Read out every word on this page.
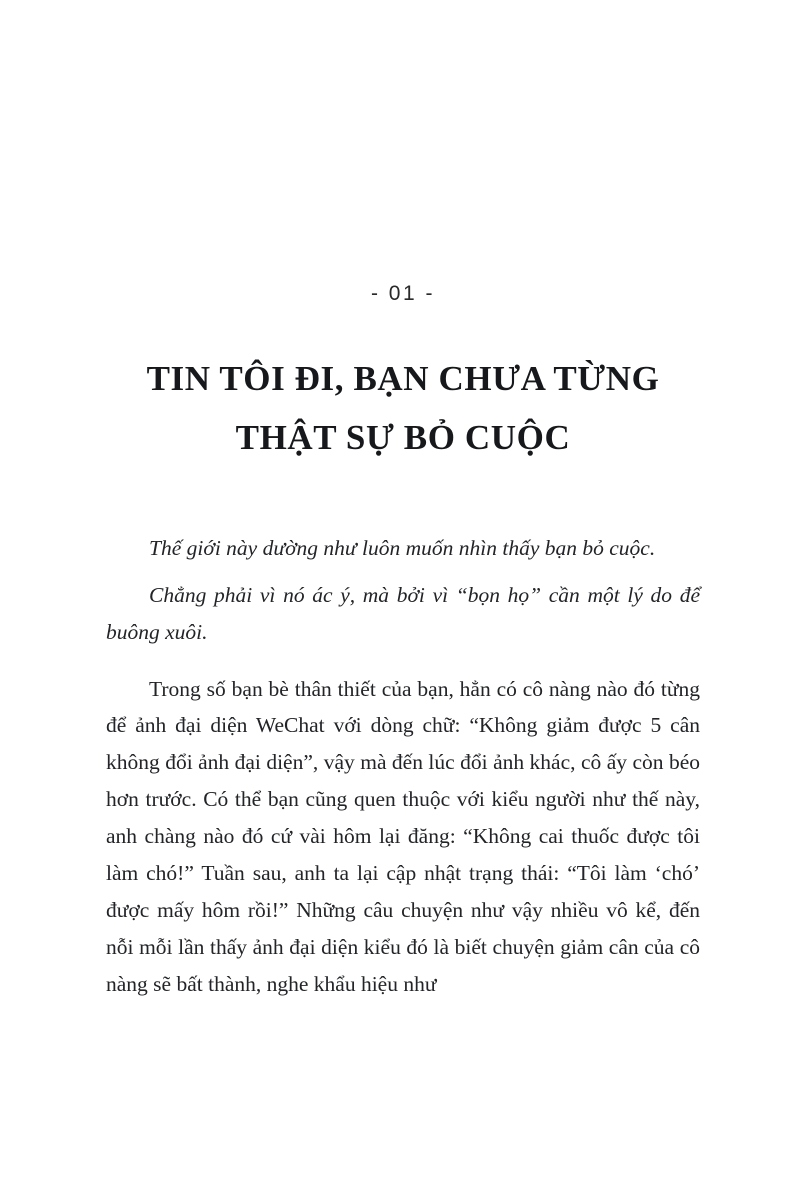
- 01 -
TIN TÔI ĐI, BẠN CHƯA TỪNG
THẬT SỰ BỎ CUỘC

Thế giới này dường như luôn muốn nhìn thấy bạn bỏ cuộc.

Chẳng phải vì nó ác ý, mà bởi vì “bọn họ” cần một lý do để buông xuôi.

Trong số bạn bè thân thiết của bạn, hẳn có cô nàng nào đó từng để ảnh đại diện WeChat với dòng chữ: “Không giảm được 5 cân không đổi ảnh đại diện”, vậy mà đến lúc đổi ảnh khác, cô ấy còn béo hơn trước. Có thể bạn cũng quen thuộc với kiểu người như thế này, anh chàng nào đó cứ vài hôm lại đăng: “Không cai thuốc được tôi làm chó!” Tuần sau, anh ta lại cập nhật trạng thái: “Tôi làm ‘chó’ được mấy hôm rồi!” Những câu chuyện như vậy nhiều vô kể, đến nỗi mỗi lần thấy ảnh đại diện kiểu đó là biết chuyện giảm cân của cô nàng sẽ bất thành, nghe khẩu hiệu như
